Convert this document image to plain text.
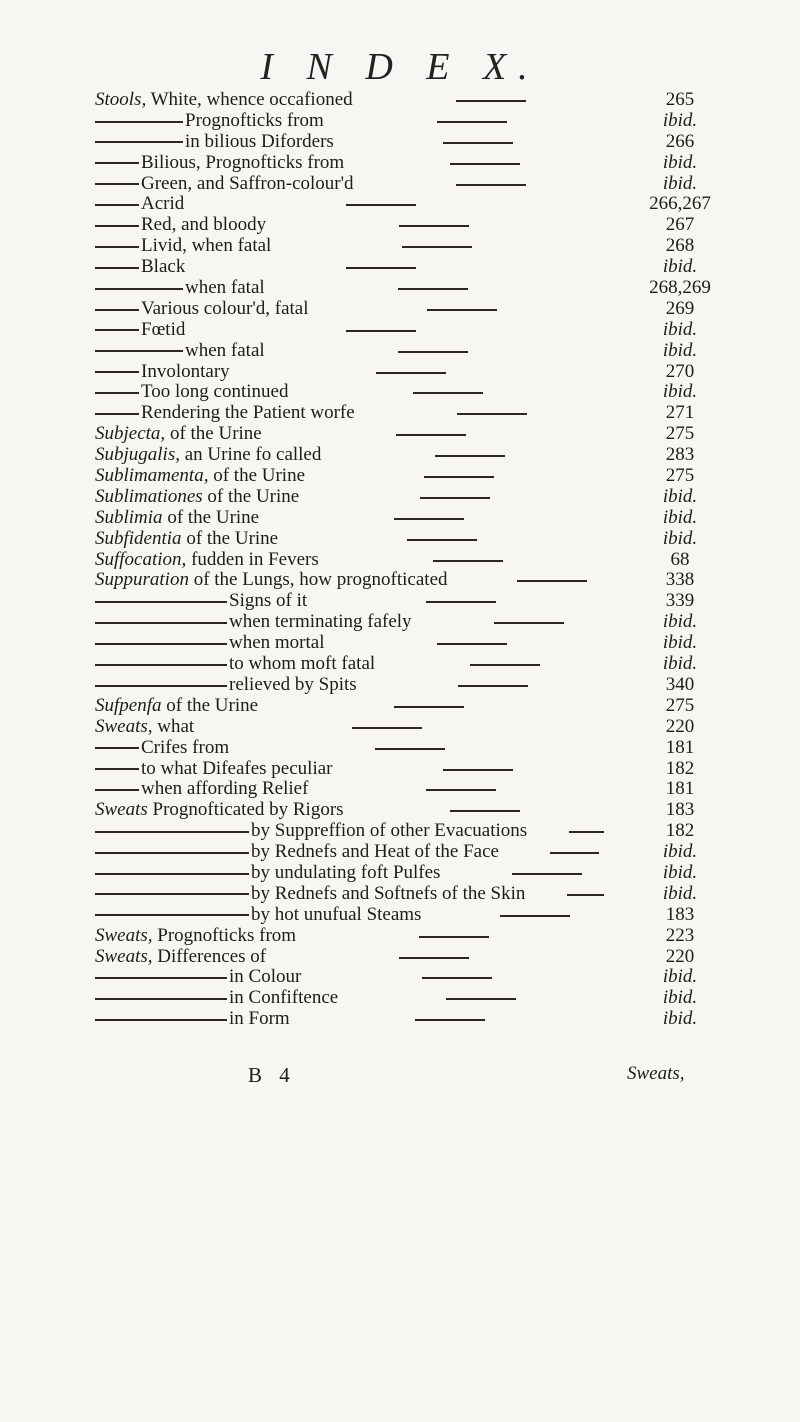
I N D E X.
Stools, White, whence occafioned	265
Prognofticks from	ibid.
in bilious Diforders	266
Bilious, Prognofticks from	ibid.
Green, and Saffron-colour'd	ibid.
Acrid	266,267
Red, and bloody	267
Livid, when fatal	268
Black	ibid.
when fatal	268,269
Various colour'd, fatal	269
Fœtid	ibid.
when fatal	ibid.
Involontary	270
Too long continued	ibid.
Rendering the Patient worfe	271
Subjecta, of the Urine	275
Subjugalis, an Urine fo called	283
Sublimamenta, of the Urine	275
Sublimationes of the Urine	ibid.
Sublimia of the Urine	ibid.
Subfidentia of the Urine	ibid.
Suffocation, fudden in Fevers	68
Suppuration of the Lungs, how prognofticated	338
Signs of it	339
when terminating fafely	ibid.
when mortal	ibid.
to whom moft fatal	ibid.
relieved by Spits	340
Sufpenfa of the Urine	275
Sweats, what	220
Crifes from	181
to what Difeafes peculiar	182
when affording Relief	181
Sweats Prognofticated by Rigors	183
by Suppreffion of other Evacuations	182
by Rednefs and Heat of the Face	ibid.
by undulating foft Pulfes	ibid.
by Rednefs and Softnefs of the Skin	ibid.
by hot unufual Steams	183
Sweats, Prognofticks from	223
Sweats, Differences of	220
in Colour	ibid.
in Confiftence	ibid.
in Form	ibid.
B 4	Sweats,
